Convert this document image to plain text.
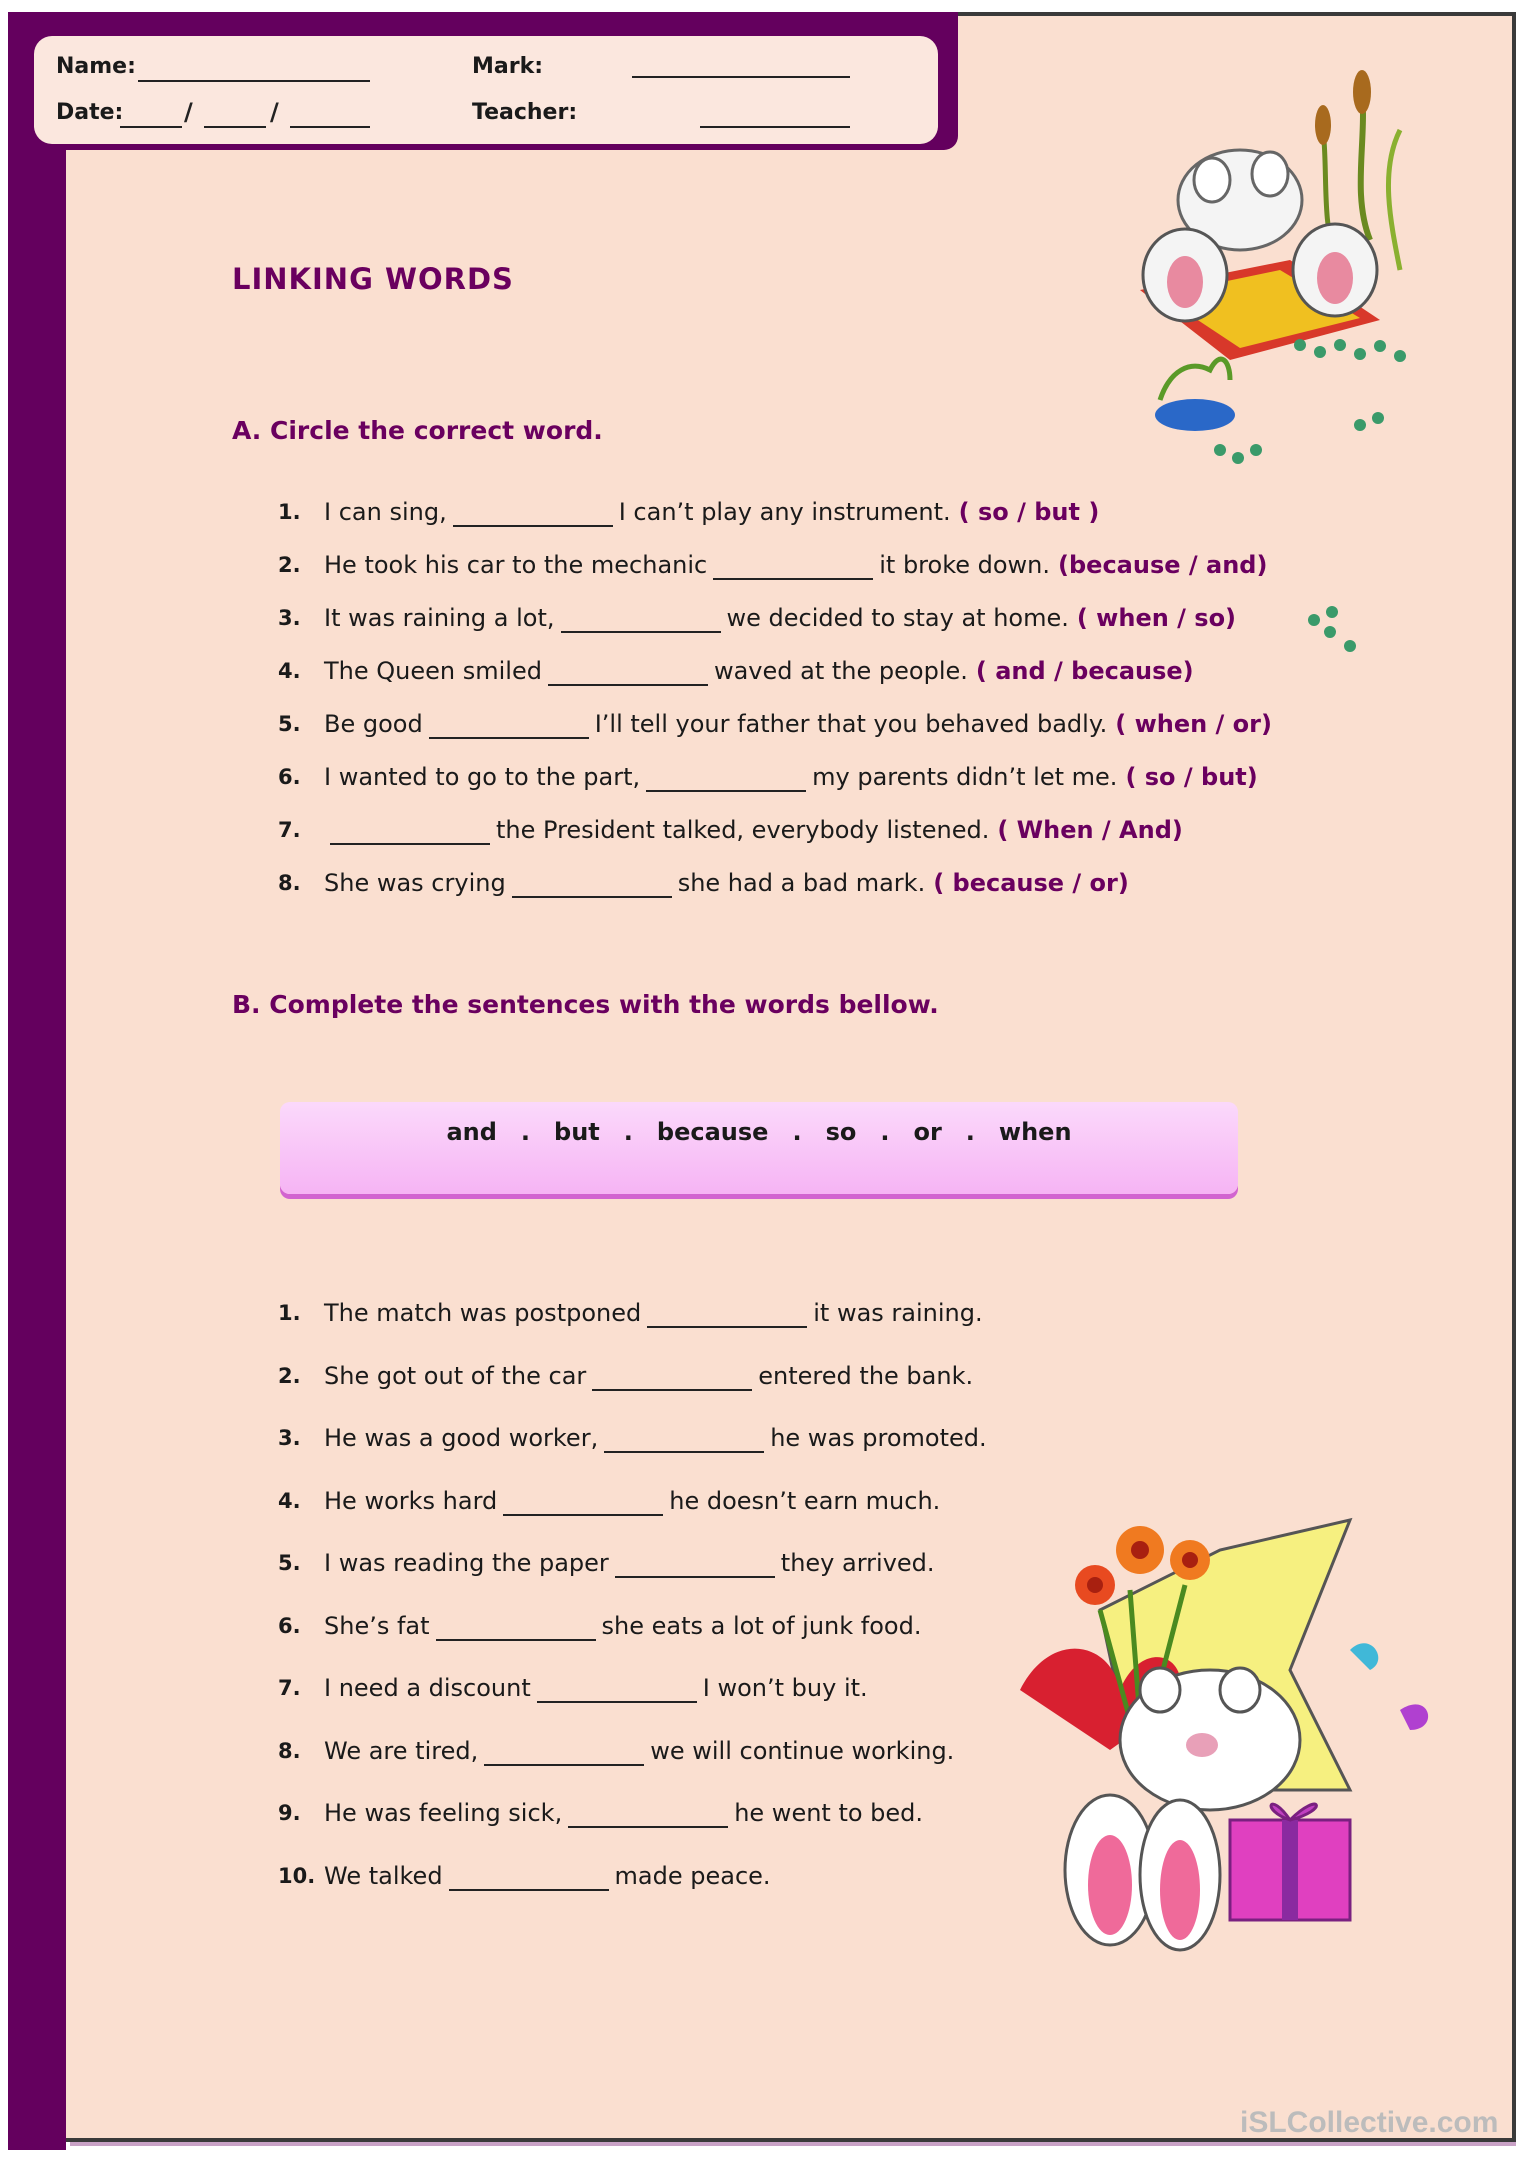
Name:
Date:	/	/
Mark:
Teacher:
LINKING WORDS
A. Circle the correct word.
1. I can sing,	I can’t play any instrument. ( so / but )
2. He took his car to the mechanic	it broke down. (because / and)
3. It was raining a lot,	we decided to stay at home. ( when / so)
4. The Queen smiled	waved at the people. ( and / because)
5. Be good	I’ll tell your father that you behaved badly. ( when / or)
6. I wanted to go to the part,	my parents didn’t let me. ( so / but)
7.	the President talked, everybody listened. ( When / And)
8. She was crying	she had a bad mark. ( because / or)
B. Complete the sentences with the words bellow.
and . but . because . so . or . when
1. The match was postponed	it was raining.
2. She got out of the car	entered the bank.
3. He was a good worker,	he was promoted.
4. He works hard	he doesn’t earn much.
5. I was reading the paper	they arrived.
6. She’s fat	she eats a lot of junk food.
7. I need a discount	I won’t buy it.
8. We are tired,	we will continue working.
9. He was feeling sick,	he went to bed.
10. We talked	made peace.
iSLCollective.com
